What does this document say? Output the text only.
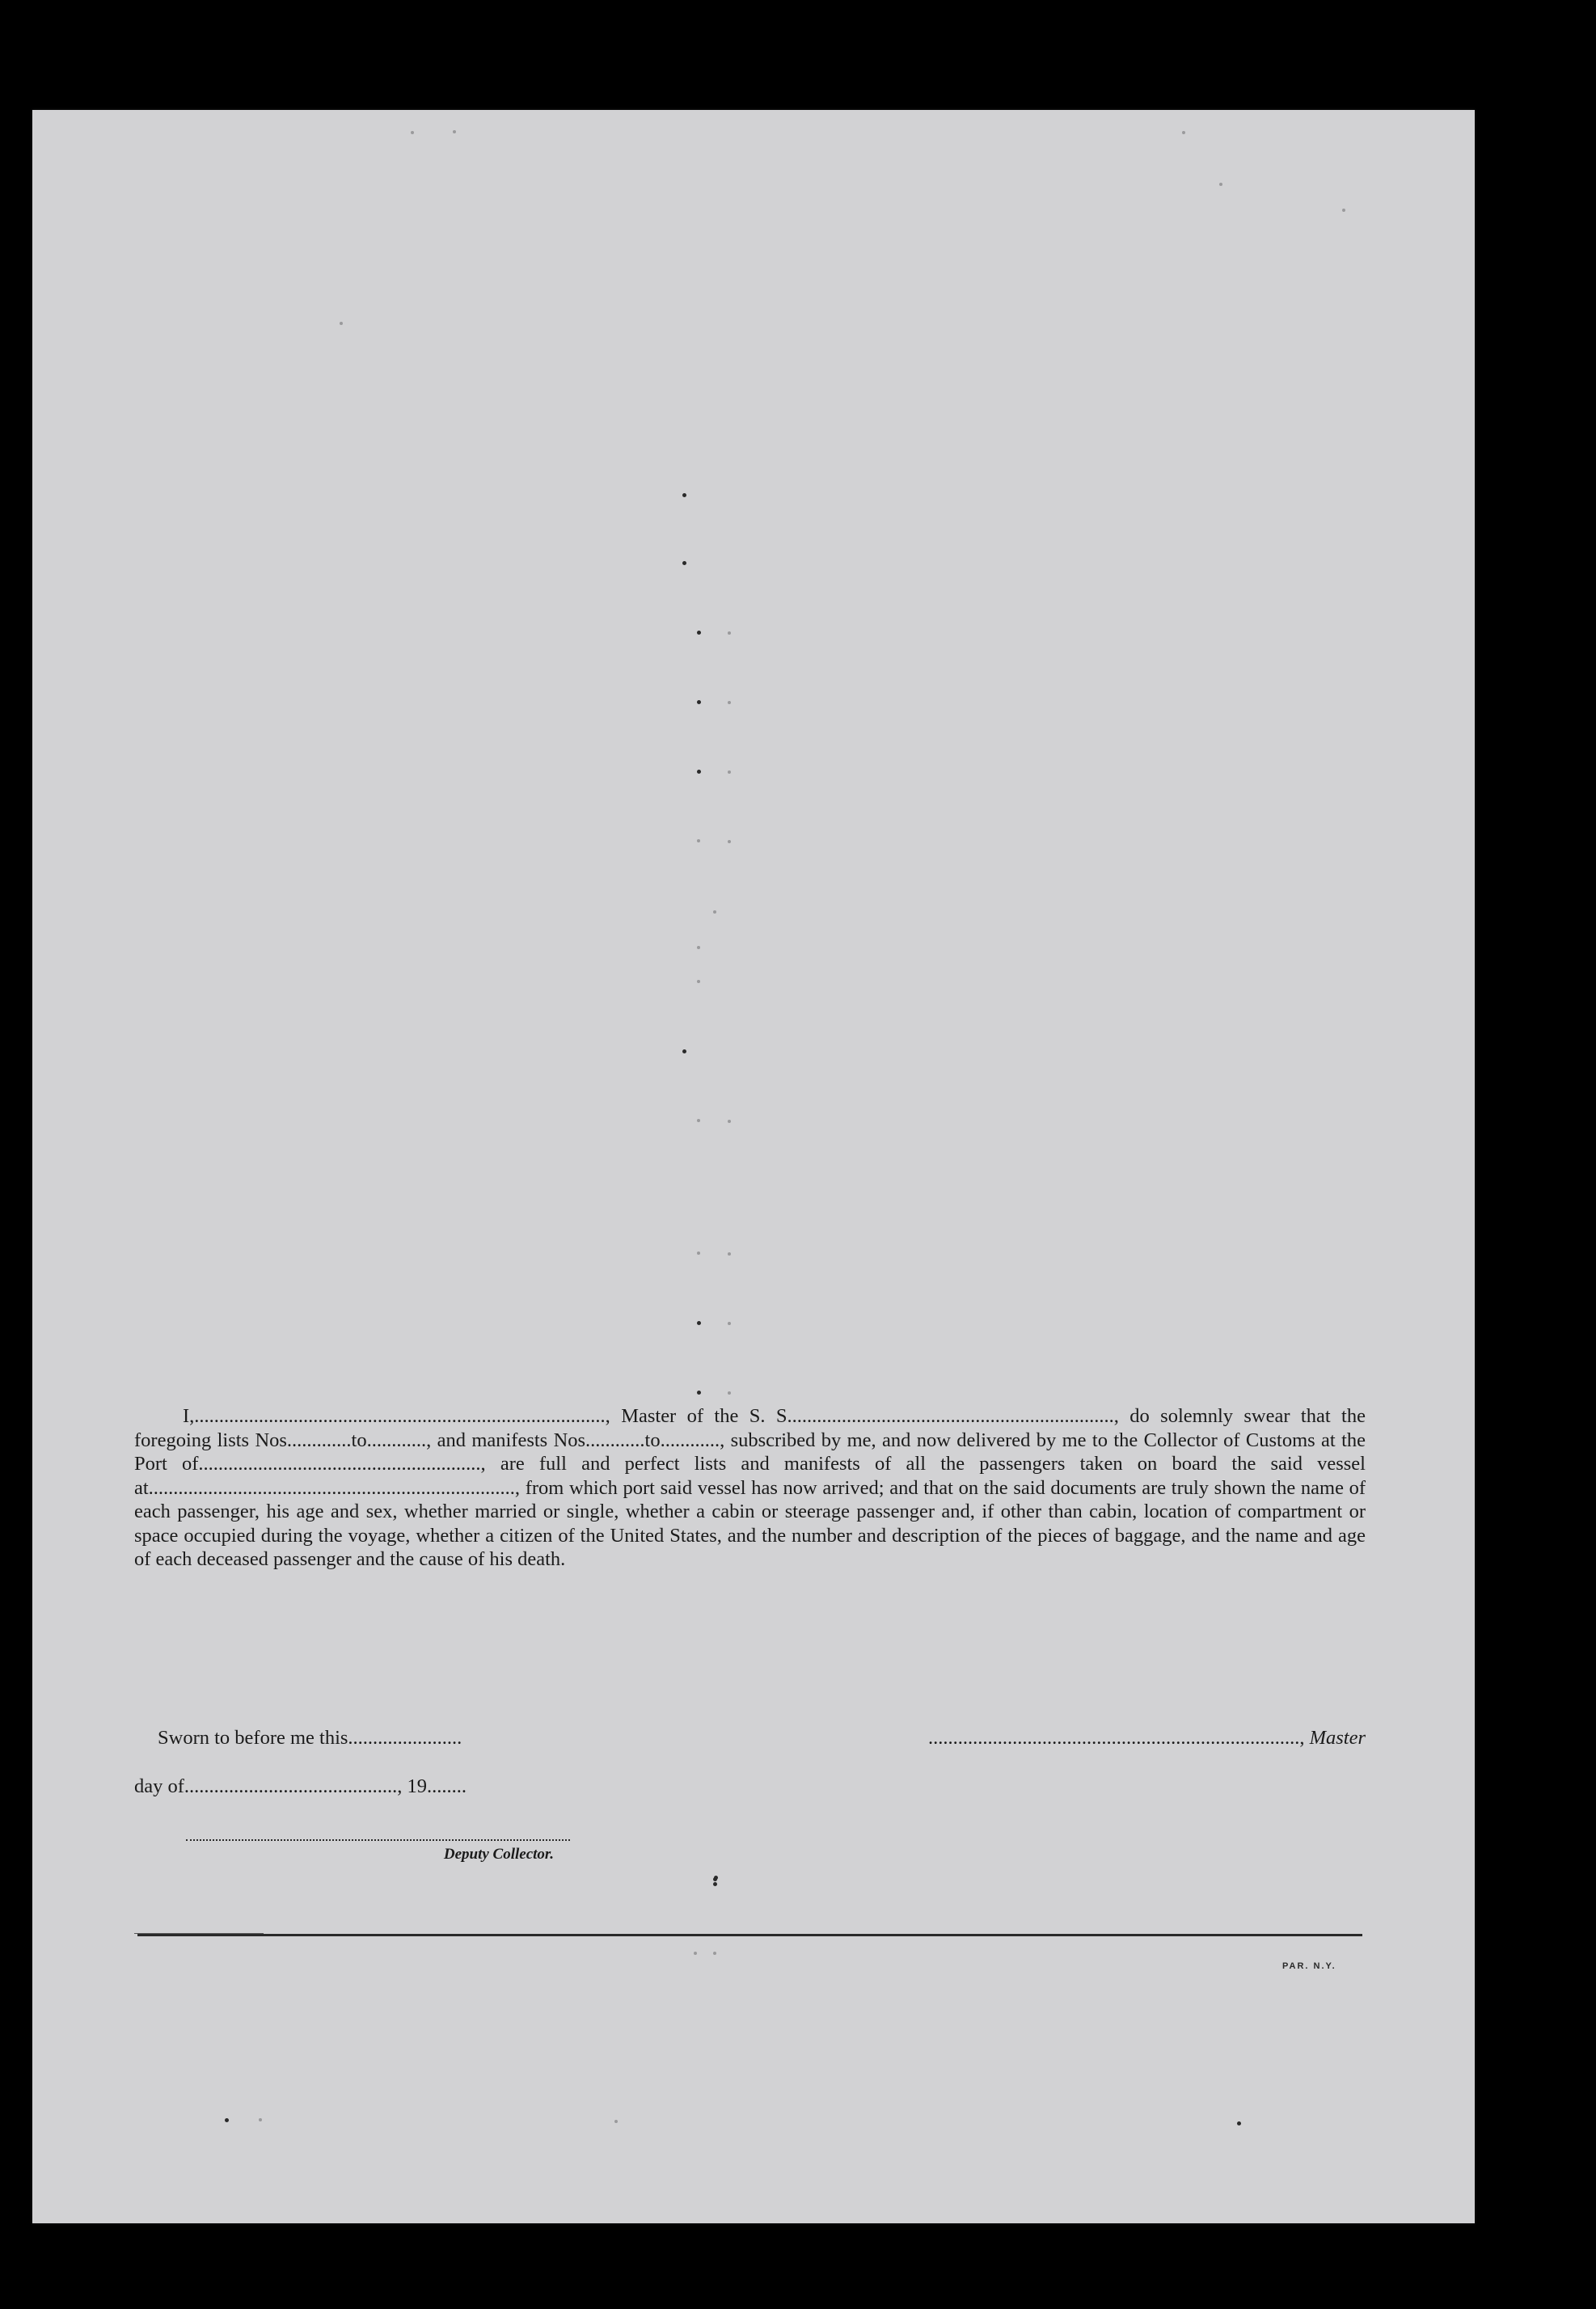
PAR. N.Y.

I,..................................................................................., Master of the S. S.................................................................., do solemnly swear that the foregoing lists Nos.............to............, and manifests Nos............to............, subscribed by me, and now delivered by me to the Collector of Customs at the Port of........................................................., are full and perfect lists and manifests of all the passengers taken on board the said vessel at.........................................................................., from which port said vessel has now arrived; and that on the said documents are truly shown the name of each passenger, his age and sex, whether married or single, whether a cabin or steerage passenger and, if other than cabin, location of compartment or space occupied during the voyage, whether a citizen of the United States, and the number and description of the pieces of baggage, and the name and age of each deceased passenger and the cause of his death.

Sworn to before me this.......................	..........................................................................., Master
day of..........................................., 19........
Deputy Collector.
